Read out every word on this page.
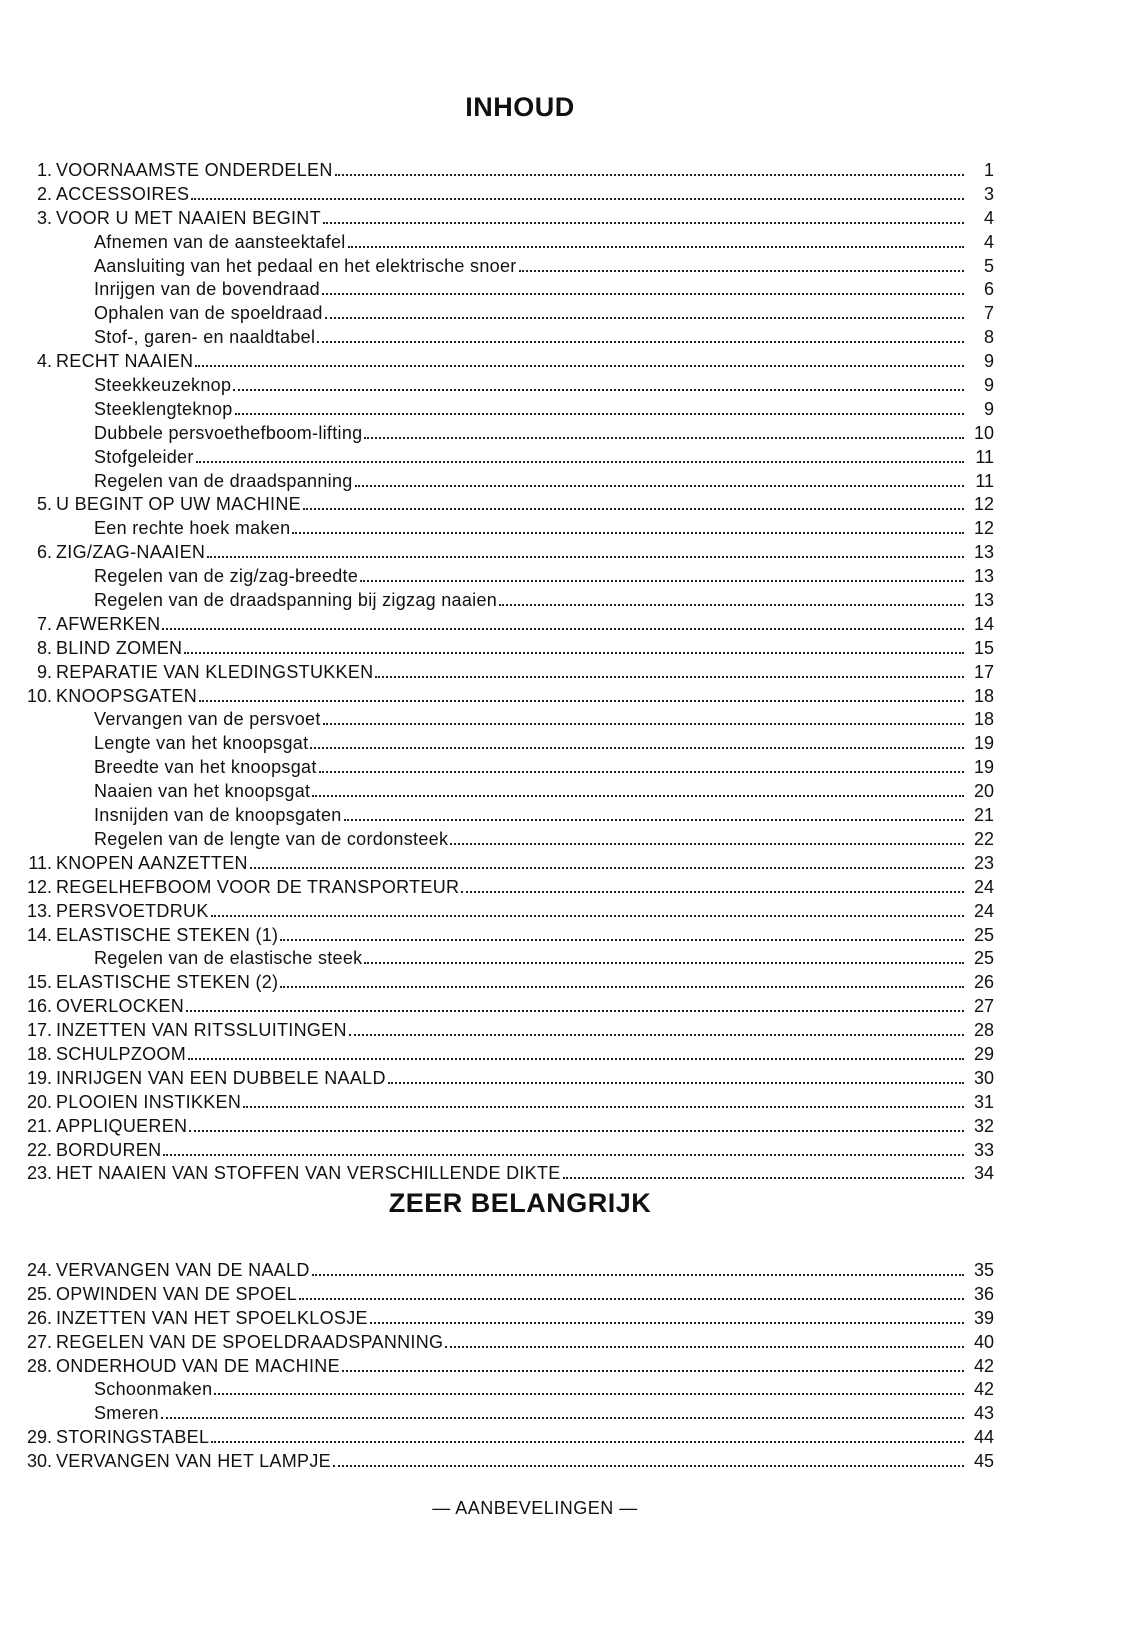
INHOUD
1. VOORNAAMSTE ONDERDELEN	1
2. ACCESSOIRES	3
3. VOOR U MET NAAIEN BEGINT	4
Afnemen van de aansteektafel	4
Aansluiting van het pedaal en het elektrische snoer	5
Inrijgen van de bovendraad	6
Ophalen van de spoeldraad	7
Stof-, garen- en naaldtabel	8
4. RECHT NAAIEN	9
Steekkeuzeknop	9
Steeklengteknop	9
Dubbele persvoethefboom-lifting	10
Stofgeleider	11
Regelen van de draadspanning	11
5. U BEGINT OP UW MACHINE	12
Een rechte hoek maken	12
6. ZIG/ZAG-NAAIEN	13
Regelen van de zig/zag-breedte	13
Regelen van de draadspanning bij zigzag naaien	13
7. AFWERKEN	14
8. BLIND ZOMEN	15
9. REPARATIE VAN KLEDINGSTUKKEN	17
10. KNOOPSGATEN	18
Vervangen van de persvoet	18
Lengte van het knoopsgat	19
Breedte van het knoopsgat	19
Naaien van het knoopsgat	20
Insnijden van de knoopsgaten	21
Regelen van de lengte van de cordonsteek	22
11. KNOPEN AANZETTEN	23
12. REGELHEFBOOM VOOR DE TRANSPORTEUR	24
13. PERSVOETDRUK	24
14. ELASTISCHE STEKEN (1)	25
Regelen van de elastische steek	25
15. ELASTISCHE STEKEN (2)	26
16. OVERLOCKEN	27
17. INZETTEN VAN RITSSLUITINGEN	28
18. SCHULPZOOM	29
19. INRIJGEN VAN EEN DUBBELE NAALD	30
20. PLOOIEN INSTIKKEN	31
21. APPLIQUEREN	32
22. BORDUREN	33
23. HET NAAIEN VAN STOFFEN VAN VERSCHILLENDE DIKTE	34
ZEER BELANGRIJK
24. VERVANGEN VAN DE NAALD	35
25. OPWINDEN VAN DE SPOEL	36
26. INZETTEN VAN HET SPOELKLOSJE	39
27. REGELEN VAN DE SPOELDRAADSPANNING	40
28. ONDERHOUD VAN DE MACHINE	42
Schoonmaken	42
Smeren	43
29. STORINGSTABEL	44
30. VERVANGEN VAN HET LAMPJE	45
— AANBEVELINGEN —
